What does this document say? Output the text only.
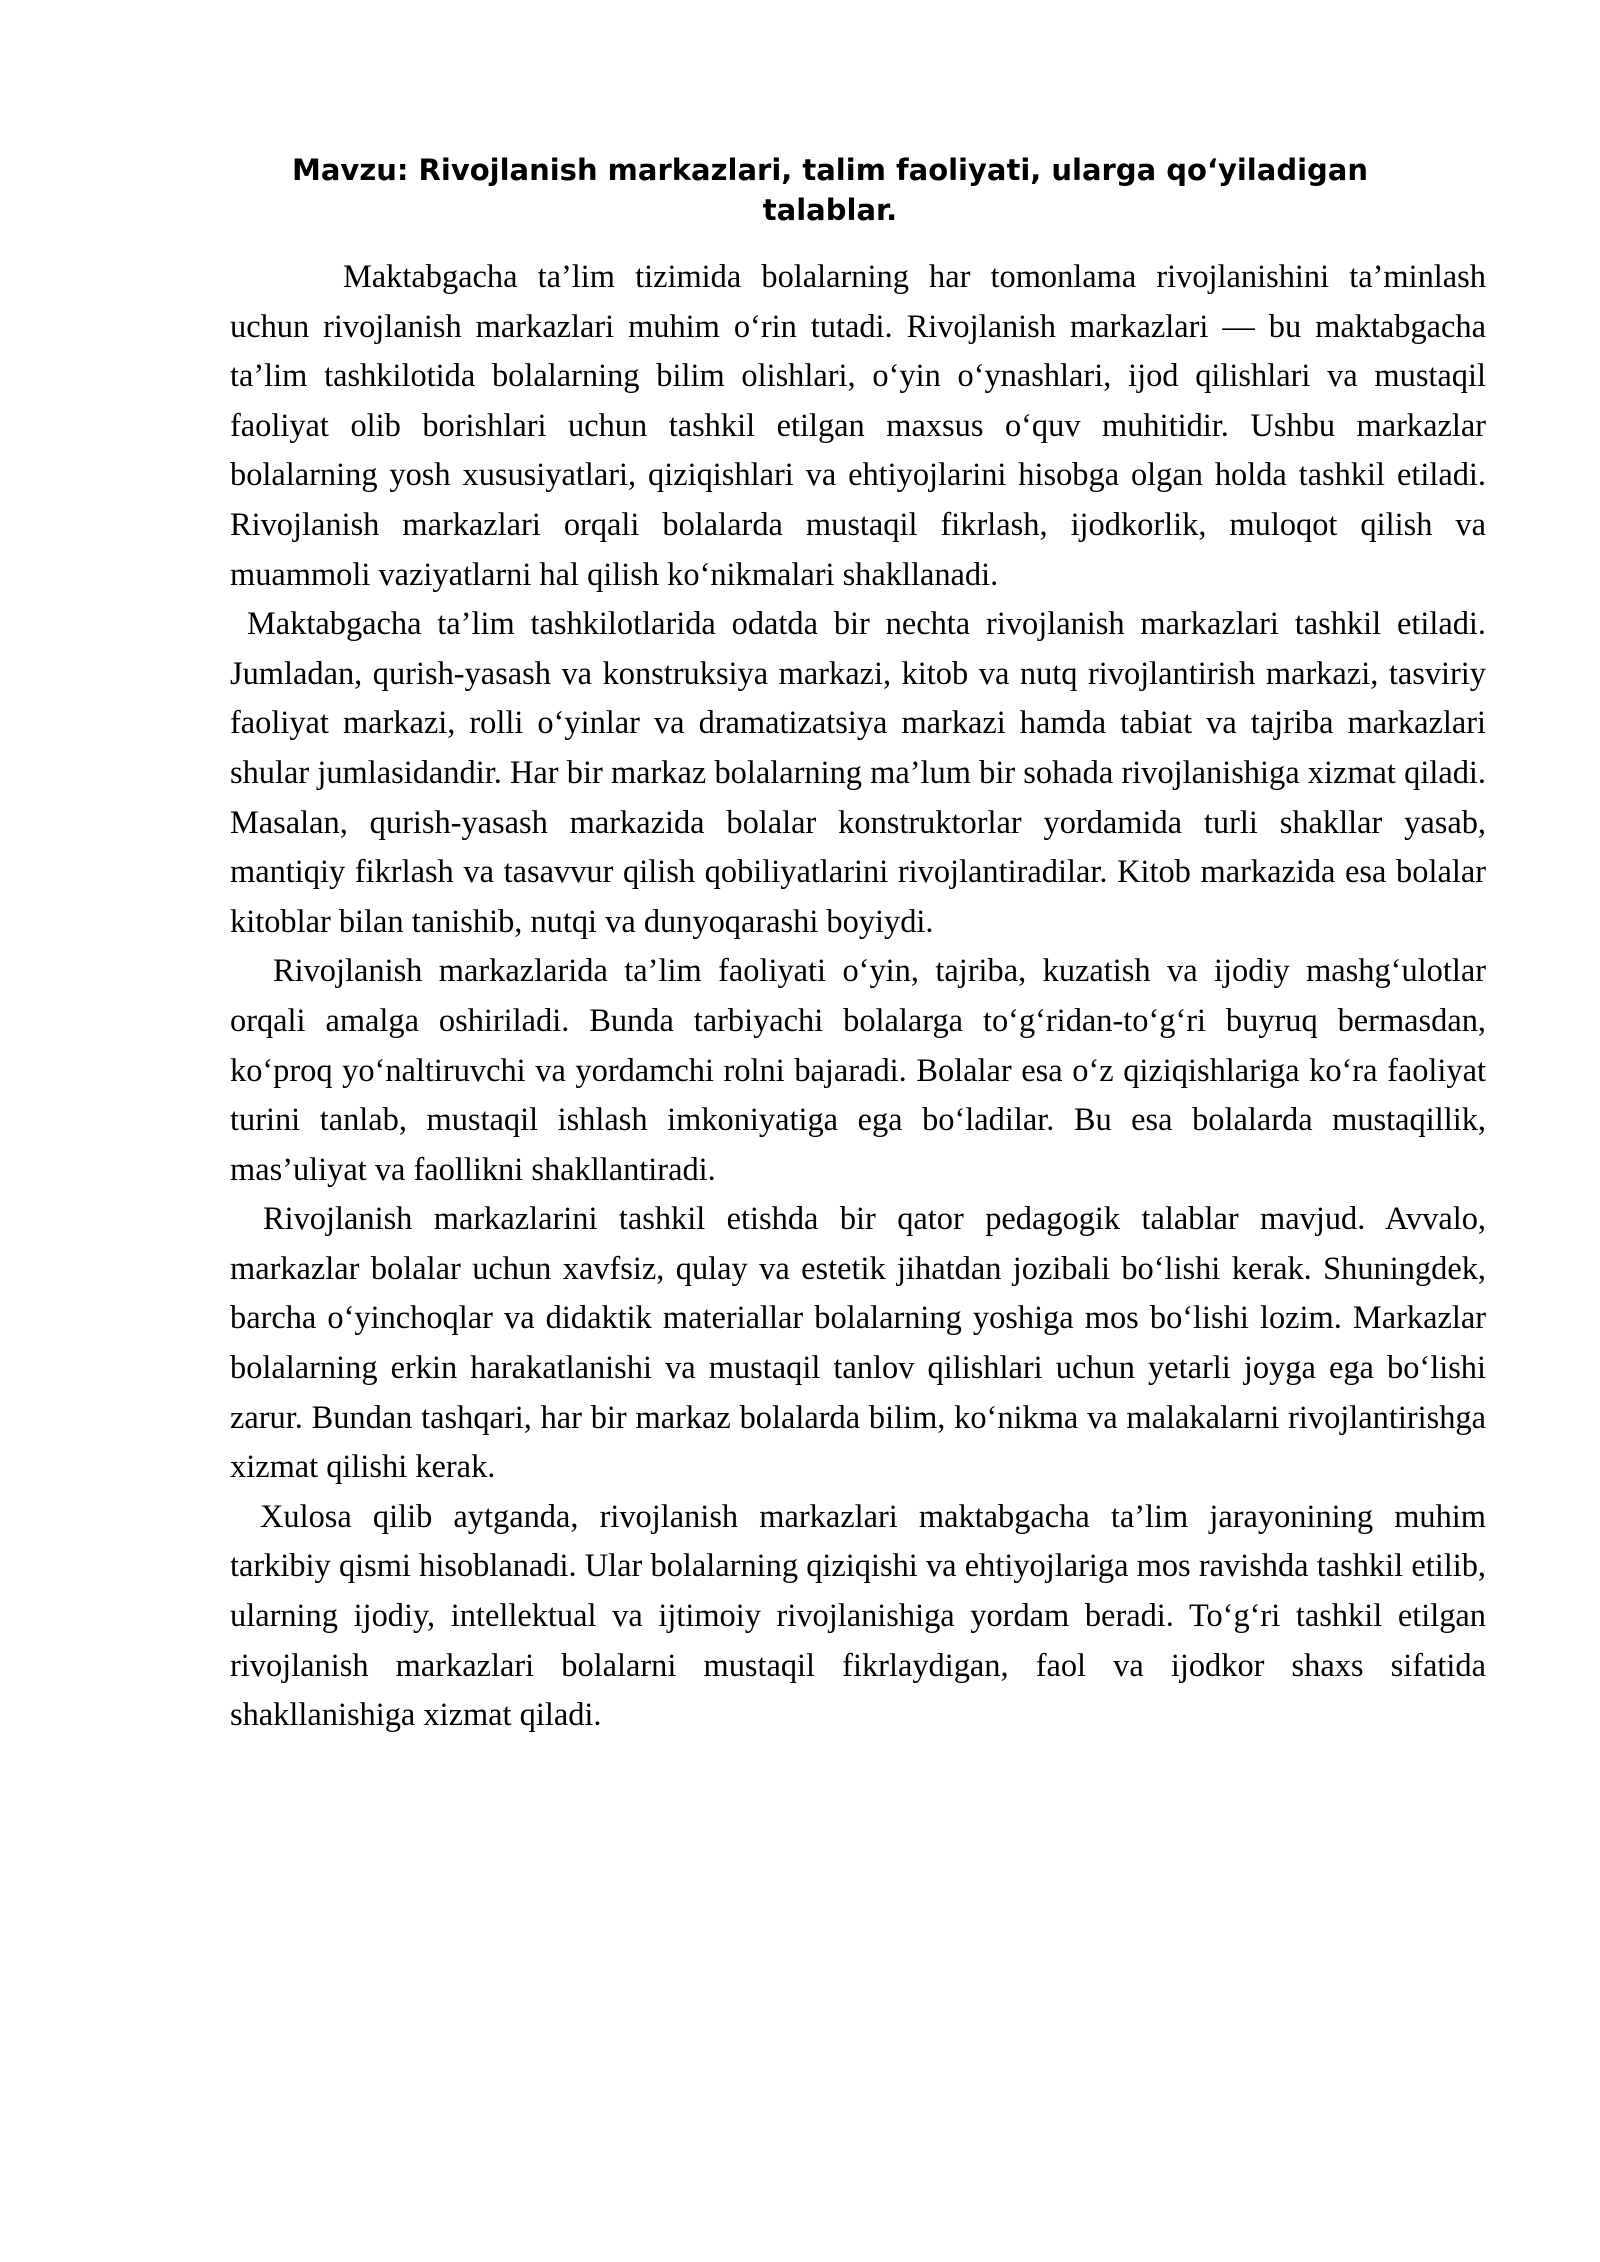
Mavzu: Rivojlanish markazlari, talim faoliyati, ularga qo‘yiladigan talablar.

Maktabgacha ta’lim tizimida bolalarning har tomonlama rivojlanishini ta’minlash uchun rivojlanish markazlari muhim o‘rin tutadi. Rivojlanish markazlari — bu maktabgacha ta’lim tashkilotida bolalarning bilim olishlari, o‘yin o‘ynashlari, ijod qilishlari va mustaqil faoliyat olib borishlari uchun tashkil etilgan maxsus o‘quv muhitidir. Ushbu markazlar bolalarning yosh xususiyatlari, qiziqishlari va ehtiyojlarini hisobga olgan holda tashkil etiladi. Rivojlanish markazlari orqali bolalarda mustaqil fikrlash, ijodkorlik, muloqot qilish va muammoli vaziyatlarni hal qilish ko‘nikmalari shakllanadi.

Maktabgacha ta’lim tashkilotlarida odatda bir nechta rivojlanish markazlari tashkil etiladi. Jumladan, qurish-yasash va konstruksiya markazi, kitob va nutq rivojlantirish markazi, tasviriy faoliyat markazi, rolli o‘yinlar va dramatizatsiya markazi hamda tabiat va tajriba markazlari shular jumlasidandir. Har bir markaz bolalarning ma’lum bir sohada rivojlanishiga xizmat qiladi. Masalan, qurish-yasash markazida bolalar konstruktorlar yordamida turli shakllar yasab, mantiqiy fikrlash va tasavvur qilish qobiliyatlarini rivojlantiradilar. Kitob markazida esa bolalar kitoblar bilan tanishib, nutqi va dunyoqarashi boyiydi.

Rivojlanish markazlarida ta’lim faoliyati o‘yin, tajriba, kuzatish va ijodiy mashg‘ulotlar orqali amalga oshiriladi. Bunda tarbiyachi bolalarga to‘g‘ridan-to‘g‘ri buyruq bermasdan, ko‘proq yo‘naltiruvchi va yordamchi rolni bajaradi. Bolalar esa o‘z qiziqishlariga ko‘ra faoliyat turini tanlab, mustaqil ishlash imkoniyatiga ega bo‘ladilar. Bu esa bolalarda mustaqillik, mas’uliyat va faollikni shakllantiradi.

Rivojlanish markazlarini tashkil etishda bir qator pedagogik talablar mavjud. Avvalo, markazlar bolalar uchun xavfsiz, qulay va estetik jihatdan jozibali bo‘lishi kerak. Shuningdek, barcha o‘yinchoqlar va didaktik materiallar bolalarning yoshiga mos bo‘lishi lozim. Markazlar bolalarning erkin harakatlanishi va mustaqil tanlov qilishlari uchun yetarli joyga ega bo‘lishi zarur. Bundan tashqari, har bir markaz bolalarda bilim, ko‘nikma va malakalarni rivojlantirishga xizmat qilishi kerak.

Xulosa qilib aytganda, rivojlanish markazlari maktabgacha ta’lim jarayonining muhim tarkibiy qismi hisoblanadi. Ular bolalarning qiziqishi va ehtiyojlariga mos ravishda tashkil etilib, ularning ijodiy, intellektual va ijtimoiy rivojlanishiga yordam beradi. To‘g‘ri tashkil etilgan rivojlanish markazlari bolalarni mustaqil fikrlaydigan, faol va ijodkor shaxs sifatida shakllanishiga xizmat qiladi.
